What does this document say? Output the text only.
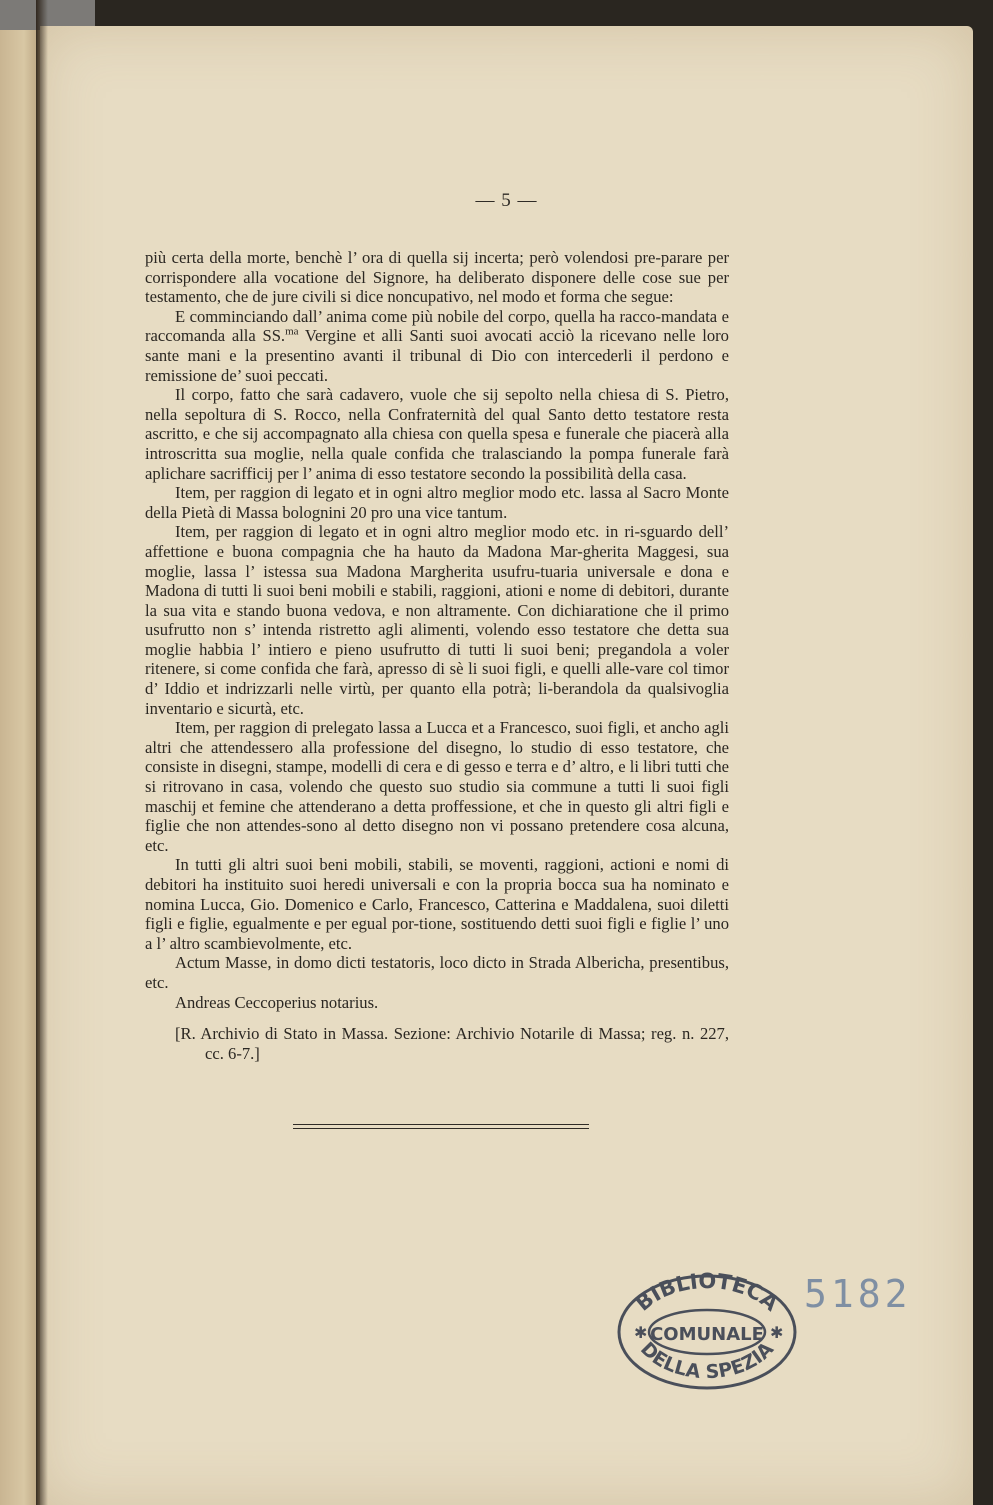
— 5 —

più certa della morte, benchè l’ ora di quella sij incerta; però volendosi pre-parare per corrispondere alla vocatione del Signore, ha deliberato disponere delle cose sue per testamento, che de jure civili si dice noncupativo, nel modo et forma che segue:

E comminciando dall’ anima come più nobile del corpo, quella ha racco-mandata e raccomanda alla SS.$^{ma}$ Vergine et alli Santi suoi avocati acciò la ricevano nelle loro sante mani e la presentino avanti il tribunal di Dio con intercederli il perdono e remissione de’ suoi peccati.

Il corpo, fatto che sarà cadavero, vuole che sij sepolto nella chiesa di S. Pietro, nella sepoltura di S. Rocco, nella Confraternità del qual Santo detto testatore resta ascritto, e che sij accompagnato alla chiesa con quella spesa e funerale che piacerà alla introscritta sua moglie, nella quale confida che tralasciando la pompa funerale farà aplichare sacrifficij per l’ anima di esso testatore secondo la possibilità della casa.

Item, per raggion di legato et in ogni altro meglior modo etc. lassa al Sacro Monte della Pietà di Massa bolognini 20 pro una vice tantum.

Item, per raggion di legato et in ogni altro meglior modo etc. in ri-sguardo dell’ affettione e buona compagnia che ha hauto da Madona Mar-gherita Maggesi, sua moglie, lassa l’ istessa sua Madona Margherita usufru-tuaria universale e dona e Madona di tutti li suoi beni mobili e stabili, raggioni, ationi e nome di debitori, durante la sua vita e stando buona vedova, e non altramente. Con dichiaratione che il primo usufrutto non s’ intenda ristretto agli alimenti, volendo esso testatore che detta sua moglie habbia l’ intiero e pieno usufrutto di tutti li suoi beni; pregandola a voler ritenere, si come confida che farà, apresso di sè li suoi figli, e quelli alle-vare col timor d’ Iddio et indrizzarli nelle virtù, per quanto ella potrà; li-berandola da qualsivoglia inventario e sicurtà, etc.

Item, per raggion di prelegato lassa a Lucca et a Francesco, suoi figli, et ancho agli altri che attendessero alla professione del disegno, lo studio di esso testatore, che consiste in disegni, stampe, modelli di cera e di gesso e terra e d’ altro, e li libri tutti che si ritrovano in casa, volendo che questo suo studio sia commune a tutti li suoi figli maschij et femine che attenderano a detta proffessione, et che in questo gli altri figli e figlie che non attendes-sono al detto disegno non vi possano pretendere cosa alcuna, etc.

In tutti gli altri suoi beni mobili, stabili, se moventi, raggioni, actioni e nomi di debitori ha instituito suoi heredi universali e con la propria bocca sua ha nominato e nomina Lucca, Gio. Domenico e Carlo, Francesco, Catterina e Maddalena, suoi diletti figli e figlie, egualmente e per egual por-tione, sostituendo detti suoi figli e figlie l’ uno a l’ altro scambievolmente, etc.

Actum Masse, in domo dicti testatoris, loco dicto in Strada Albericha, presentibus, etc.

Andreas Ceccoperius notarius.

[R. Archivio di Stato in Massa. Sezione: Archivio Notarile di Massa; reg. n. 227, cc. 6-7.]

BIBLIOTECA
COMUNALE
DELLA SPEZIA
✱	✱
5182
